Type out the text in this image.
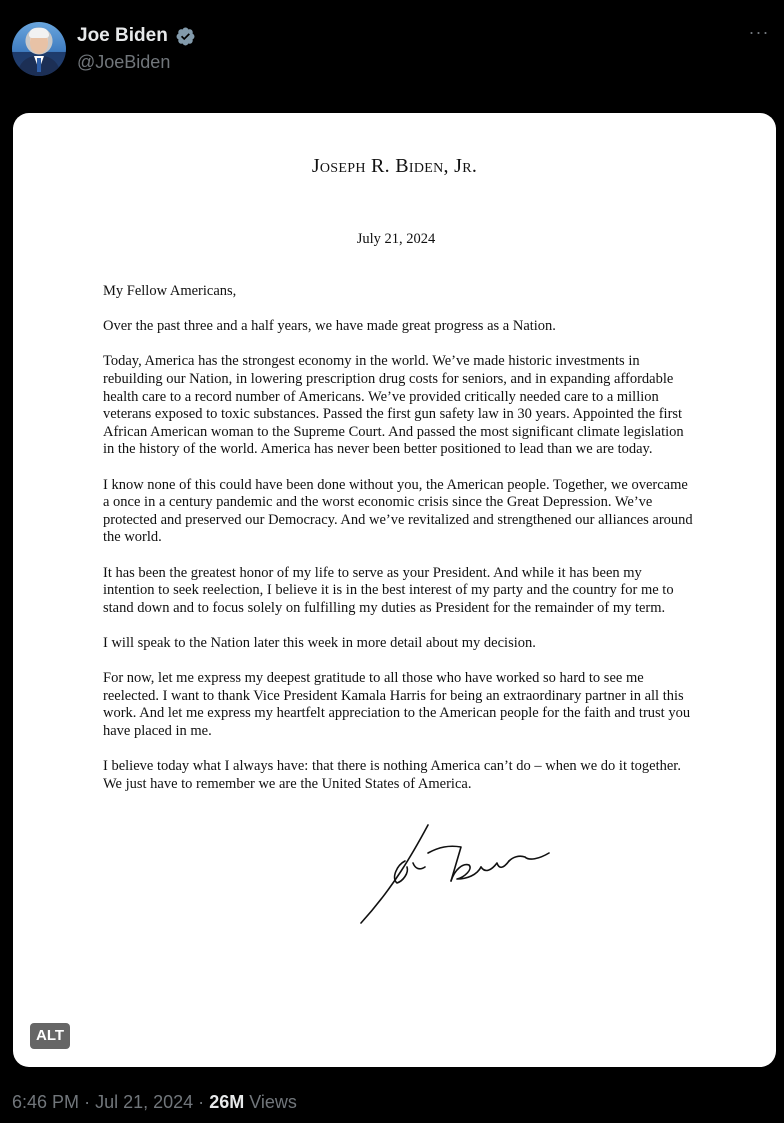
Joe Biden
@JoeBiden
···
Joseph R. Biden, Jr.
July 21, 2024

My Fellow Americans,

Over the past three and a half years, we have made great progress as a Nation.

Today, America has the strongest economy in the world. We’ve made historic investments in rebuilding our Nation, in lowering prescription drug costs for seniors, and in expanding affordable health care to a record number of Americans. We’ve provided critically needed care to a million veterans exposed to toxic substances. Passed the first gun safety law in 30 years. Appointed the first African American woman to the Supreme Court. And passed the most significant climate legislation in the history of the world. America has never been better positioned to lead than we are today.

I know none of this could have been done without you, the American people. Together, we overcame a once in a century pandemic and the worst economic crisis since the Great Depression. We’ve protected and preserved our Democracy. And we’ve revitalized and strengthened our alliances around the world.

It has been the greatest honor of my life to serve as your President. And while it has been my intention to seek reelection, I believe it is in the best interest of my party and the country for me to stand down and to focus solely on fulfilling my duties as President for the remainder of my term.

I will speak to the Nation later this week in more detail about my decision.

For now, let me express my deepest gratitude to all those who have worked so hard to see me reelected. I want to thank Vice President Kamala Harris for being an extraordinary partner in all this work. And let me express my heartfelt appreciation to the American people for the faith and trust you have placed in me.

I believe today what I always have: that there is nothing America can’t do – when we do it together. We just have to remember we are the United States of America.

ALT
6:46 PM · Jul 21, 2024 · 26M Views
